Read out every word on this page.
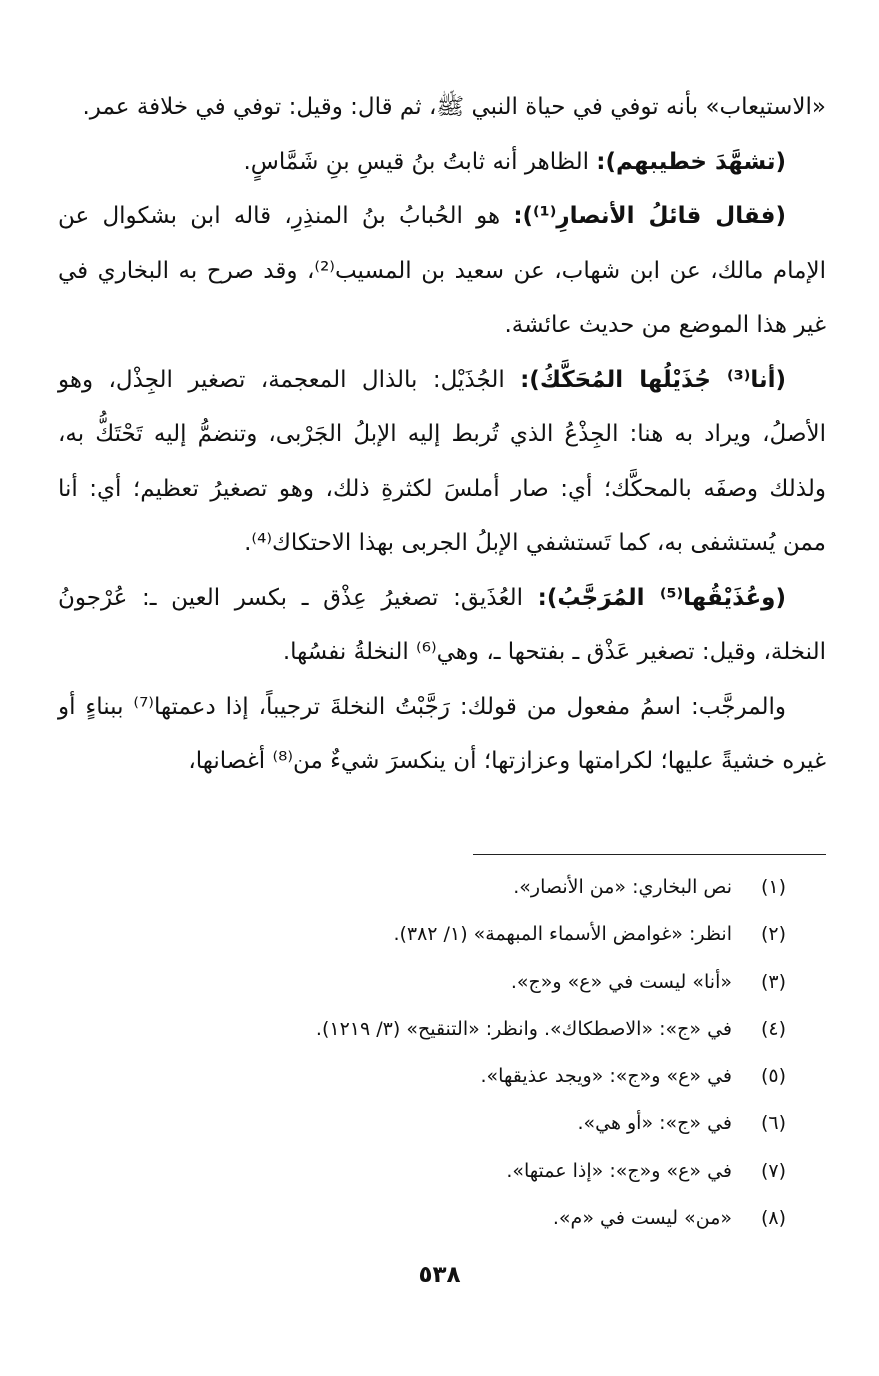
«الاستيعاب» بأنه توفي في حياة النبي ﷺ، ثم قال: وقيل: توفي في خلافة عمر.

(تشهَّدَ خطيبهم): الظاهر أنه ثابتُ بنُ قيسِ بنِ شَمَّاسٍ.

(فقال قائلُ الأنصارِ⁽¹⁾): هو الحُبابُ بنُ المنذِرِ، قاله ابن بشكوال عن الإمام مالك، عن ابن شهاب، عن سعيد بن المسيب⁽²⁾، وقد صرح به البخاري في غير هذا الموضع من حديث عائشة.

(أنا⁽³⁾ جُذَيْلُها المُحَكَّكُ): الجُذَيْل: بالذال المعجمة، تصغير الجِذْل، وهو الأصلُ، ويراد به هنا: الجِذْعُ الذي تُربط إليه الإبلُ الجَرْبى، وتنضمُّ إليه تَحْتَكُّ به، ولذلك وصفَه بالمحكَّك؛ أي: صار أملسَ لكثرةِ ذلك، وهو تصغيرُ تعظيم؛ أي: أنا ممن يُستشفى به، كما تَستشفي الإبلُ الجربى بهذا الاحتكاك⁽⁴⁾.

(وعُذَيْقُها⁽⁵⁾ المُرَجَّبُ): العُذَيق: تصغيرُ عِذْق ـ بكسر العين ـ: عُرْجونُ النخلة، وقيل: تصغير عَذْق ـ بفتحها ـ، وهي⁽⁶⁾ النخلةُ نفسُها.

والمرجَّب: اسمُ مفعول من قولك: رَجَّبْتُ النخلةَ ترجيباً، إذا دعمتها⁽⁷⁾ ببناءٍ أو غيره خشيةً عليها؛ لكرامتها وعزازتها؛ أن ينكسرَ شيءٌ من⁽⁸⁾ أغصانها،

(١)نص البخاري: «من الأنصار».
(٢)انظر: «غوامض الأسماء المبهمة» (١/ ٣٨٢).
(٣)«أنا» ليست في «ع» و«ج».
(٤)في «ج»: «الاصطكاك». وانظر: «التنقيح» (٣/ ١٢١٩).
(٥)في «ع» و«ج»: «ويجد عذيقها».
(٦)في «ج»: «أو هي».
(٧)في «ع» و«ج»: «إذا عمتها».
(٨)«من» ليست في «م».
٥٣٨
